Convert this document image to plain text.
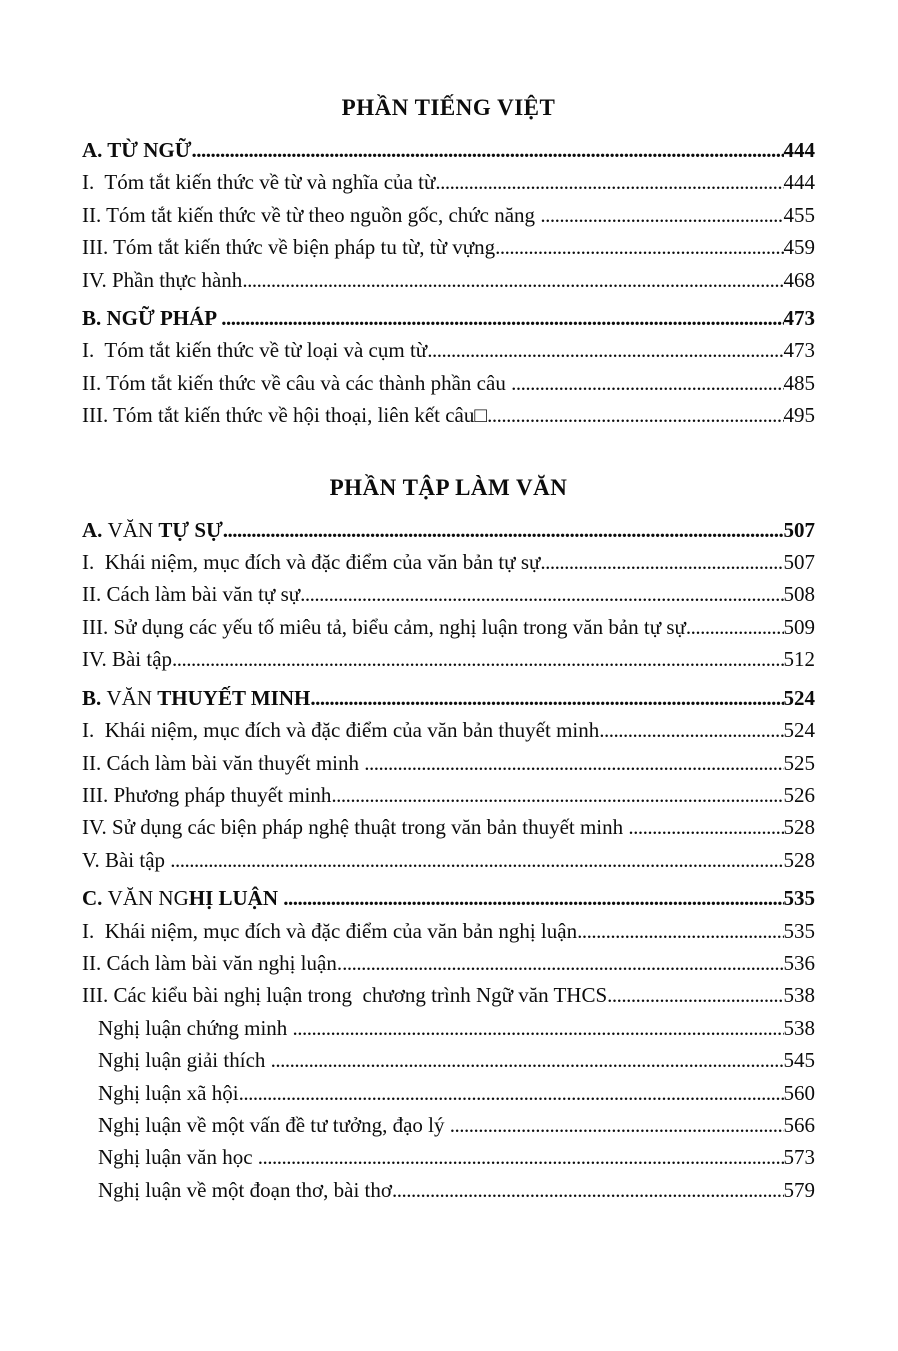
PHẦN TIẾNG VIỆT
A. TỪ NGỮ .....	444
I.  Tóm tắt kiến thức về từ và nghĩa của từ .....	444
II. Tóm tắt kiến thức về từ theo nguồn gốc, chức năng .....	455
III. Tóm tắt kiến thức về biện pháp tu từ, từ vựng .....	459
IV. Phần thực hành .....	468
B. NGỮ PHÁP .....	473
I.  Tóm tắt kiến thức về từ loại và cụm từ .....	473
II. Tóm tắt kiến thức về câu và các thành phần câu .....	485
III. Tóm tắt kiến thức về hội thoại, liên kết câu□ .....	495
PHẦN TẬP LÀM VĂN
A. VĂN TỰ SỰ .....	507
I.  Khái niệm, mục đích và đặc điểm của văn bản tự sự .....	507
II. Cách làm bài văn tự sự .....	508
III. Sử dụng các yếu tố miêu tả, biểu cảm, nghị luận trong văn bản tự sự .....	509
IV. Bài tập .....	512
B. VĂN THUYẾT MINH .....	524
I.  Khái niệm, mục đích và đặc điểm của văn bản thuyết minh .....	524
II. Cách làm bài văn thuyết minh .....	525
III. Phương pháp thuyết minh .....	526
IV. Sử dụng các biện pháp nghệ thuật trong văn bản thuyết minh .....	528
V. Bài tập .....	528
C. VĂN NGHỊ LUẬN .....	535
I.  Khái niệm, mục đích và đặc điểm của văn bản nghị luận .....	535
II. Cách làm bài văn nghị luận. .....	536
III. Các kiểu bài nghị luận trong  chương trình Ngữ văn THCS .....	538
Nghị luận chứng minh .....	538
Nghị luận giải thích .....	545
Nghị luận xã hội .....	560
Nghị luận về một vấn đề tư tưởng, đạo lý .....	566
Nghị luận văn học .....	573
Nghị luận về một đoạn thơ, bài thơ .....	579
